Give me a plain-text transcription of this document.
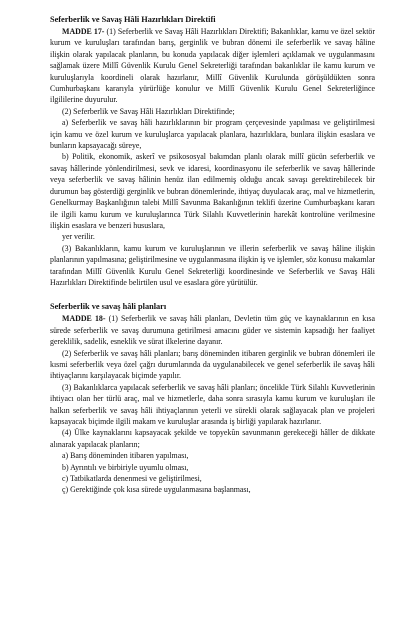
Seferberlik ve Savaş Hâli Hazırlıkları Direktifi

MADDE 17- (1) Seferberlik ve Savaş Hâli Hazırlıkları Direktifi; Bakanlıklar, kamu ve özel sektör kurum ve kuruluşları tarafından barış, gerginlik ve bubran dönemi ile seferberlik ve savaş hâline ilişkin olarak yapılacak planların, bu konuda yapılacak diğer işlemleri açıklamak ve uygulanmasını sağlamak üzere Millî Güvenlik Kurulu Genel Sekreterliği tarafından bakanlıklar ile kamu kurum ve kuruluşlarıyla koordineli olarak hazırlanır, Millî Güvenlik Kurulunda görüşüldükten sonra Cumhurbaşkanı kararıyla yürürlüğe konulur ve Millî Güvenlik Kurulu Genel Sekreterliğince ilgililerine duyurulur.

(2) Seferberlik ve Savaş Hâli Hazırlıkları Direktifinde;

a) Seferberlik ve savaş hâli hazırlıklarının bir program çerçevesinde yapılması ve geliştirilmesi için kamu ve özel kurum ve kuruluşlarca yapılacak planlara, hazırlıklara, bunlara ilişkin esaslara ve bunların kapsayacağı süreye,

b) Politik, ekonomik, askerî ve psikososyal bakımdan planlı olarak millî gücün seferberlik ve savaş hâllerinde yönlendirilmesi, sevk ve idaresi, koordinasyonu ile seferberlik ve savaş hâllerinde veya seferberlik ve savaş hâlinin henüz ilan edilmemiş olduğu ancak savaşı gerektirebilecek bir durumun baş gösterdiği gerginlik ve bubran dönemlerinde, ihtiyaç duyulacak araç, mal ve hizmetlerin, Genelkurmay Başkanlığının talebi Millî Savunma Bakanlığının teklifi üzerine Cumhurbaşkanı kararı ile ilgili kamu kurum ve kuruluşlarınca Türk Silahlı Kuvvetlerinin harekât kontrolüne verilmesine ilişkin esaslara ve benzeri hususlara,

yer verilir.

(3) Bakanlıkların, kamu kurum ve kuruluşlarının ve illerin seferberlik ve savaş hâline ilişkin planlarının yapılmasına; geliştirilmesine ve uygulanmasına ilişkin iş ve işlemler, söz konusu makamlar tarafından Millî Güvenlik Kurulu Genel Sekreterliği koordinesinde ve Seferberlik ve Savaş Hâli Hazırlıkları Direktifinde belirtilen usul ve esaslara göre yürütülür.

Seferberlik ve savaş hâli planları

MADDE 18- (1) Seferberlik ve savaş hâli planları, Devletin tüm güç ve kaynaklarının en kısa sürede seferberlik ve savaş durumuna getirilmesi amacını güder ve sistemin kapsadığı her faaliyet gereklilik, sadelik, esneklik ve sürat ilkelerine dayanır.

(2) Seferberlik ve savaş hâli planları; barış döneminden itibaren gerginlik ve bubran dönemleri ile kısmi seferberlik veya özel çağrı durumlarında da uygulanabilecek ve genel seferberlik ile savaş hâli ihtiyaçlarını karşılayacak biçimde yapılır.

(3) Bakanlıklarca yapılacak seferberlik ve savaş hâli planları; öncelikle Türk Silahlı Kuvvetlerinin ihtiyacı olan her türlü araç, mal ve hizmetlerle, daha sonra sırasıyla kamu kurum ve kuruluşları ile halkın seferberlik ve savaş hâli ihtiyaçlarının yeterli ve sürekli olarak sağlayacak plan ve projeleri kapsayacak biçimde ilgili makam ve kuruluşlar arasında iş birliği yapılarak hazırlanır.

(4) Ülke kaynaklarını kapsayacak şekilde ve topyekûn savunmanın gerekeceği hâller de dikkate alınarak yapılacak planların;

a) Barış döneminden itibaren yapılması,

b) Ayrıntılı ve birbiriyle uyumlu olması,

c) Tatbikatlarda denenmesi ve geliştirilmesi,

ç) Gerektiğinde çok kısa sürede uygulanmasına başlanması,
